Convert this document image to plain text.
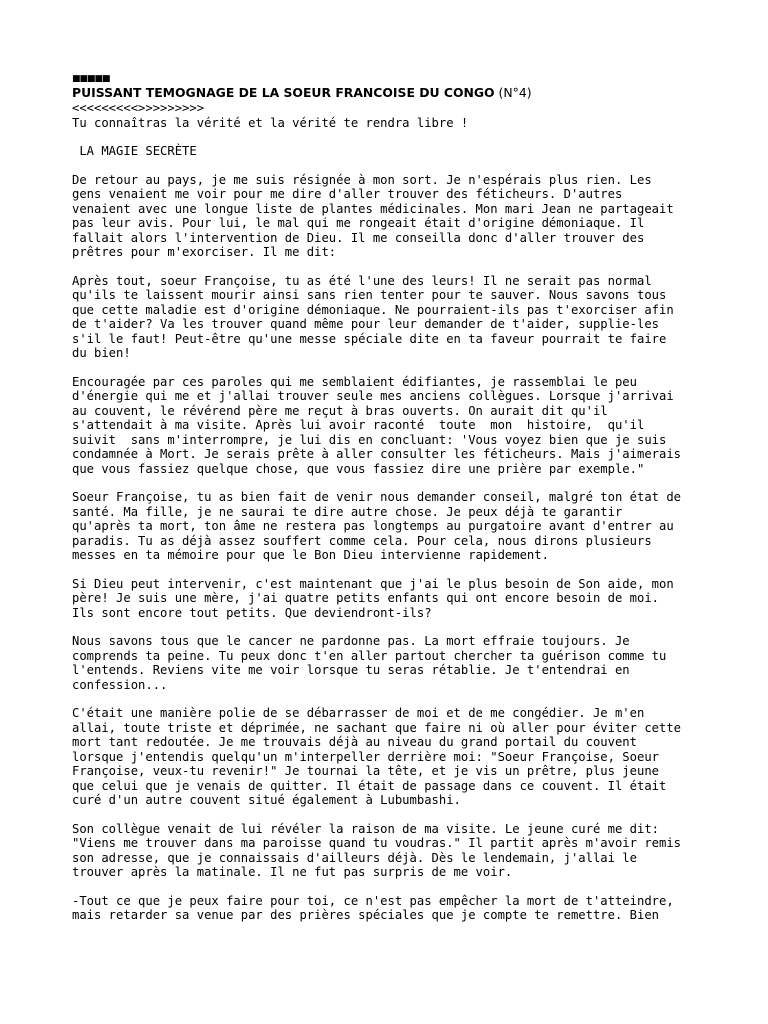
■■■■■
PUISSANT TEMOGNAGE DE LA SOEUR FRANCOISE DU CONGO (N°4)
<<<<<<<<<>>>>>>>>>
Tu connaîtras la vérité et la vérité te rendra libre !
LA MAGIE SECRÈTE

De retour au pays, je me suis résignée à mon sort. Je n'espérais plus rien. Les
gens venaient me voir pour me dire d'aller trouver des féticheurs. D'autres
venaient avec une longue liste de plantes médicinales. Mon mari Jean ne partageait
pas leur avis. Pour lui, le mal qui me rongeait était d'origine démoniaque. Il
fallait alors l'intervention de Dieu. Il me conseilla donc d'aller trouver des
prêtres pour m'exorciser. Il me dit:

Après tout, soeur Françoise, tu as été l'une des leurs! Il ne serait pas normal
qu'ils te laissent mourir ainsi sans rien tenter pour te sauver. Nous savons tous
que cette maladie est d'origine démoniaque. Ne pourraient-ils pas t'exorciser afin
de t'aider? Va les trouver quand même pour leur demander de t'aider, supplie-les
s'il le faut! Peut-être qu'une messe spéciale dite en ta faveur pourrait te faire
du bien!

Encouragée par ces paroles qui me semblaient édifiantes, je rassemblai le peu
d'énergie qui me et j'allai trouver seule mes anciens collègues. Lorsque j'arrivai
au couvent, le révérend père me reçut à bras ouverts. On aurait dit qu'il
s'attendait à ma visite. Après lui avoir raconté  toute  mon  histoire,  qu'il
suivit  sans m'interrompre, je lui dis en concluant: 'Vous voyez bien que je suis
condamnée à Mort. Je serais prête à aller consulter les féticheurs. Mais j'aimerais
que vous fassiez quelque chose, que vous fassiez dire une prière par exemple."

Soeur Françoise, tu as bien fait de venir nous demander conseil, malgré ton état de
santé. Ma fille, je ne saurai te dire autre chose. Je peux déjà te garantir
qu'après ta mort, ton âme ne restera pas longtemps au purgatoire avant d'entrer au
paradis. Tu as déjà assez souffert comme cela. Pour cela, nous dirons plusieurs
messes en ta mémoire pour que le Bon Dieu intervienne rapidement.

Si Dieu peut intervenir, c'est maintenant que j'ai le plus besoin de Son aide, mon
père! Je suis une mère, j'ai quatre petits enfants qui ont encore besoin de moi.
Ils sont encore tout petits. Que deviendront-ils?

Nous savons tous que le cancer ne pardonne pas. La mort effraie toujours. Je
comprends ta peine. Tu peux donc t'en aller partout chercher ta guérison comme tu
l'entends. Reviens vite me voir lorsque tu seras rétablie. Je t'entendrai en
confession...

C'était une manière polie de se débarrasser de moi et de me congédier. Je m'en
allai, toute triste et déprimée, ne sachant que faire ni où aller pour éviter cette
mort tant redoutée. Je me trouvais déjà au niveau du grand portail du couvent
lorsque j'entendis quelqu'un m'interpeller derrière moi: "Soeur Françoise, Soeur
Françoise, veux-tu revenir!" Je tournai la tête, et je vis un prêtre, plus jeune
que celui que je venais de quitter. Il était de passage dans ce couvent. Il était
curé d'un autre couvent situé également à Lubumbashi.

Son collègue venait de lui révéler la raison de ma visite. Le jeune curé me dit:
"Viens me trouver dans ma paroisse quand tu voudras." Il partit après m'avoir remis
son adresse, que je connaissais d'ailleurs déjà. Dès le lendemain, j'allai le
trouver après la matinale. Il ne fut pas surpris de me voir.

-Tout ce que je peux faire pour toi, ce n'est pas empêcher la mort de t'atteindre,
mais retarder sa venue par des prières spéciales que je compte te remettre. Bien
